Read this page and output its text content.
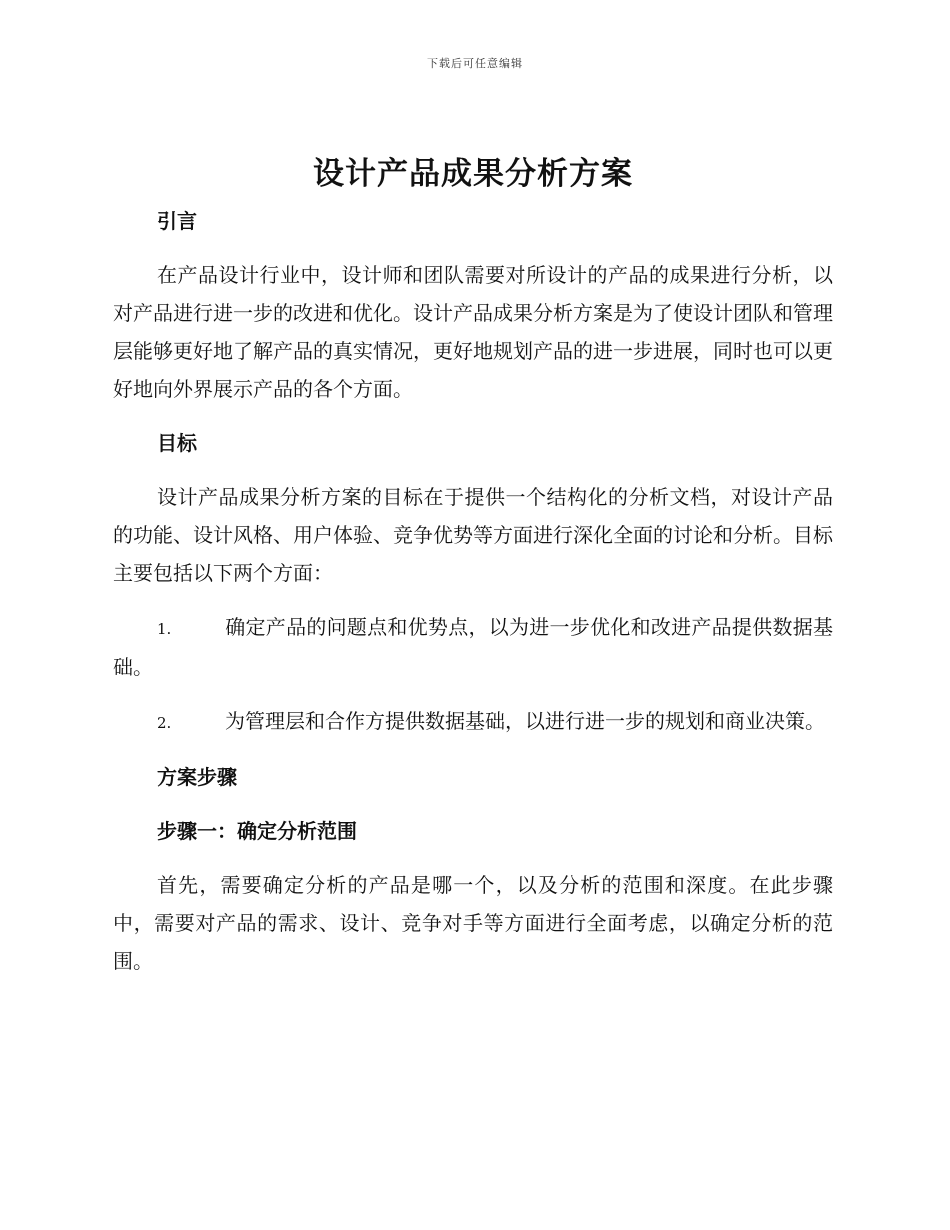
下载后可任意编辑
设计产品成果分析方案
引言

在产品设计行业中，设计师和团队需要对所设计的产品的成果进行分析，以对产品进行进一步的改进和优化。设计产品成果分析方案是为了使设计团队和管理层能够更好地了解产品的真实情况，更好地规划产品的进一步进展，同时也可以更好地向外界展示产品的各个方面。

目标

设计产品成果分析方案的目标在于提供一个结构化的分析文档，对设计产品的功能、设计风格、用户体验、竞争优势等方面进行深化全面的讨论和分析。目标主要包括以下两个方面：

1.	确定产品的问题点和优势点，以为进一步优化和改进产品提供数据基础。

2.	为管理层和合作方提供数据基础，以进行进一步的规划和商业决策。

方案步骤
步骤一：确定分析范围

首先，需要确定分析的产品是哪一个，以及分析的范围和深度。在此步骤中，需要对产品的需求、设计、竞争对手等方面进行全面考虑，以确定分析的范围。
